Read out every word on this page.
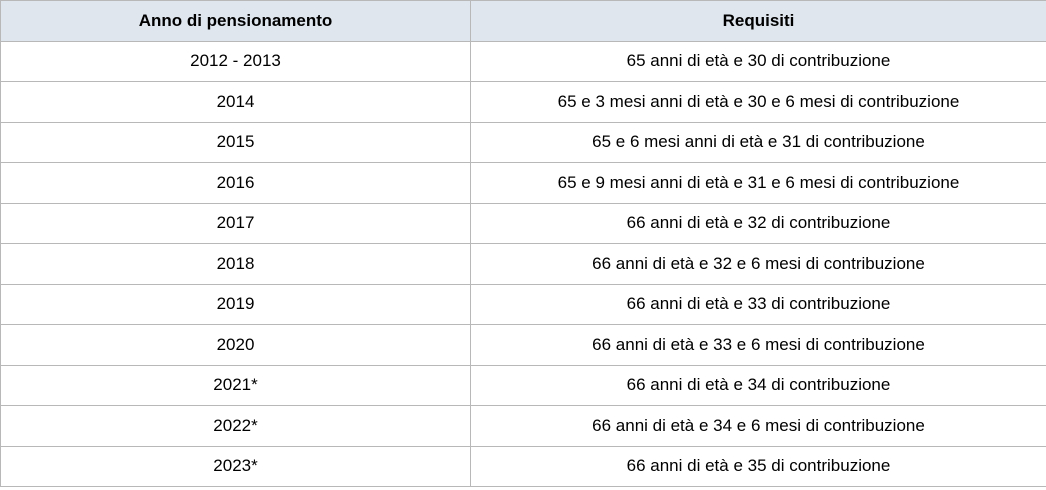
Anno di pensionamento	Requisiti
2012 - 2013	65 anni di età e 30 di contribuzione
2014	65 e 3 mesi anni di età e 30 e 6 mesi di contribuzione
2015	65 e 6 mesi anni di età e 31 di contribuzione
2016	65 e 9 mesi anni di età e 31 e 6 mesi di contribuzione
2017	66 anni di età e 32 di contribuzione
2018	66 anni di età e 32 e 6 mesi di contribuzione
2019	66 anni di età e 33 di contribuzione
2020	66 anni di età e 33 e 6 mesi di contribuzione
2021*	66 anni di età e 34 di contribuzione
2022*	66 anni di età e 34 e 6 mesi di contribuzione
2023*	66 anni di età e 35 di contribuzione
